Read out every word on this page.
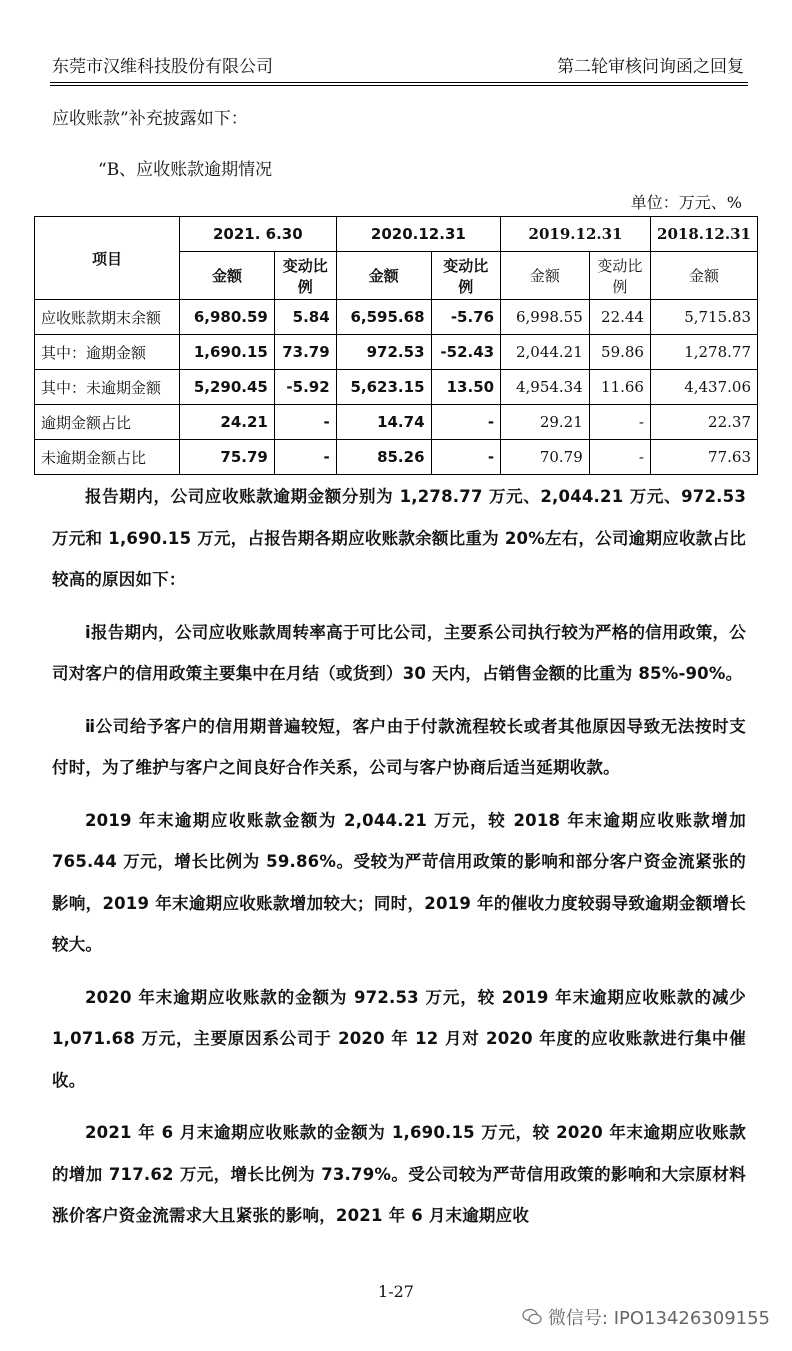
东莞市汉维科技股份有限公司	第二轮审核问询函之回复
应收账款”补充披露如下：
“B、应收账款逾期情况
单位：万元、%
项目	2021. 6.30		2020.12.31		2019.12.31		2018.12.31
	金额	变动比例	金额	变动比例	金额	变动比例	金额
应收账款期末余额	6,980.59	5.84	6,595.68	-5.76	6,998.55	22.44	5,715.83
其中：逾期金额	1,690.15	73.79	972.53	-52.43	2,044.21	59.86	1,278.77
其中：未逾期金额	5,290.45	-5.92	5,623.15	13.50	4,954.34	11.66	4,437.06
逾期金额占比	24.21	-	14.74	-	29.21	-	22.37
未逾期金额占比	75.79	-	85.26	-	70.79	-	77.63

报告期内，公司应收账款逾期金额分别为 1,278.77 万元、2,044.21 万元、972.53 万元和 1,690.15 万元，占报告期各期应收账款余额比重为 20%左右，公司逾期应收款占比较高的原因如下：

ⅰ报告期内，公司应收账款周转率高于可比公司，主要系公司执行较为严格的信用政策，公司对客户的信用政策主要集中在月结（或货到）30 天内，占销售金额的比重为 85%-90%。

ⅱ公司给予客户的信用期普遍较短，客户由于付款流程较长或者其他原因导致无法按时支付时，为了维护与客户之间良好合作关系，公司与客户协商后适当延期收款。

2019 年末逾期应收账款金额为 2,044.21 万元，较 2018 年末逾期应收账款增加 765.44 万元，增长比例为 59.86%。受较为严苛信用政策的影响和部分客户资金流紧张的影响，2019 年末逾期应收账款增加较大；同时，2019 年的催收力度较弱导致逾期金额增长较大。

2020 年末逾期应收账款的金额为 972.53 万元，较 2019 年末逾期应收账款的减少 1,071.68 万元，主要原因系公司于 2020 年 12 月对 2020 年度的应收账款进行集中催收。

2021 年 6 月末逾期应收账款的金额为 1,690.15 万元，较 2020 年末逾期应收账款的增加 717.62 万元，增长比例为 73.79%。受公司较为严苛信用政策的影响和大宗原材料涨价客户资金流需求大且紧张的影响，2021 年 6 月末逾期应收

1-27
微信号: IPO13426309155
